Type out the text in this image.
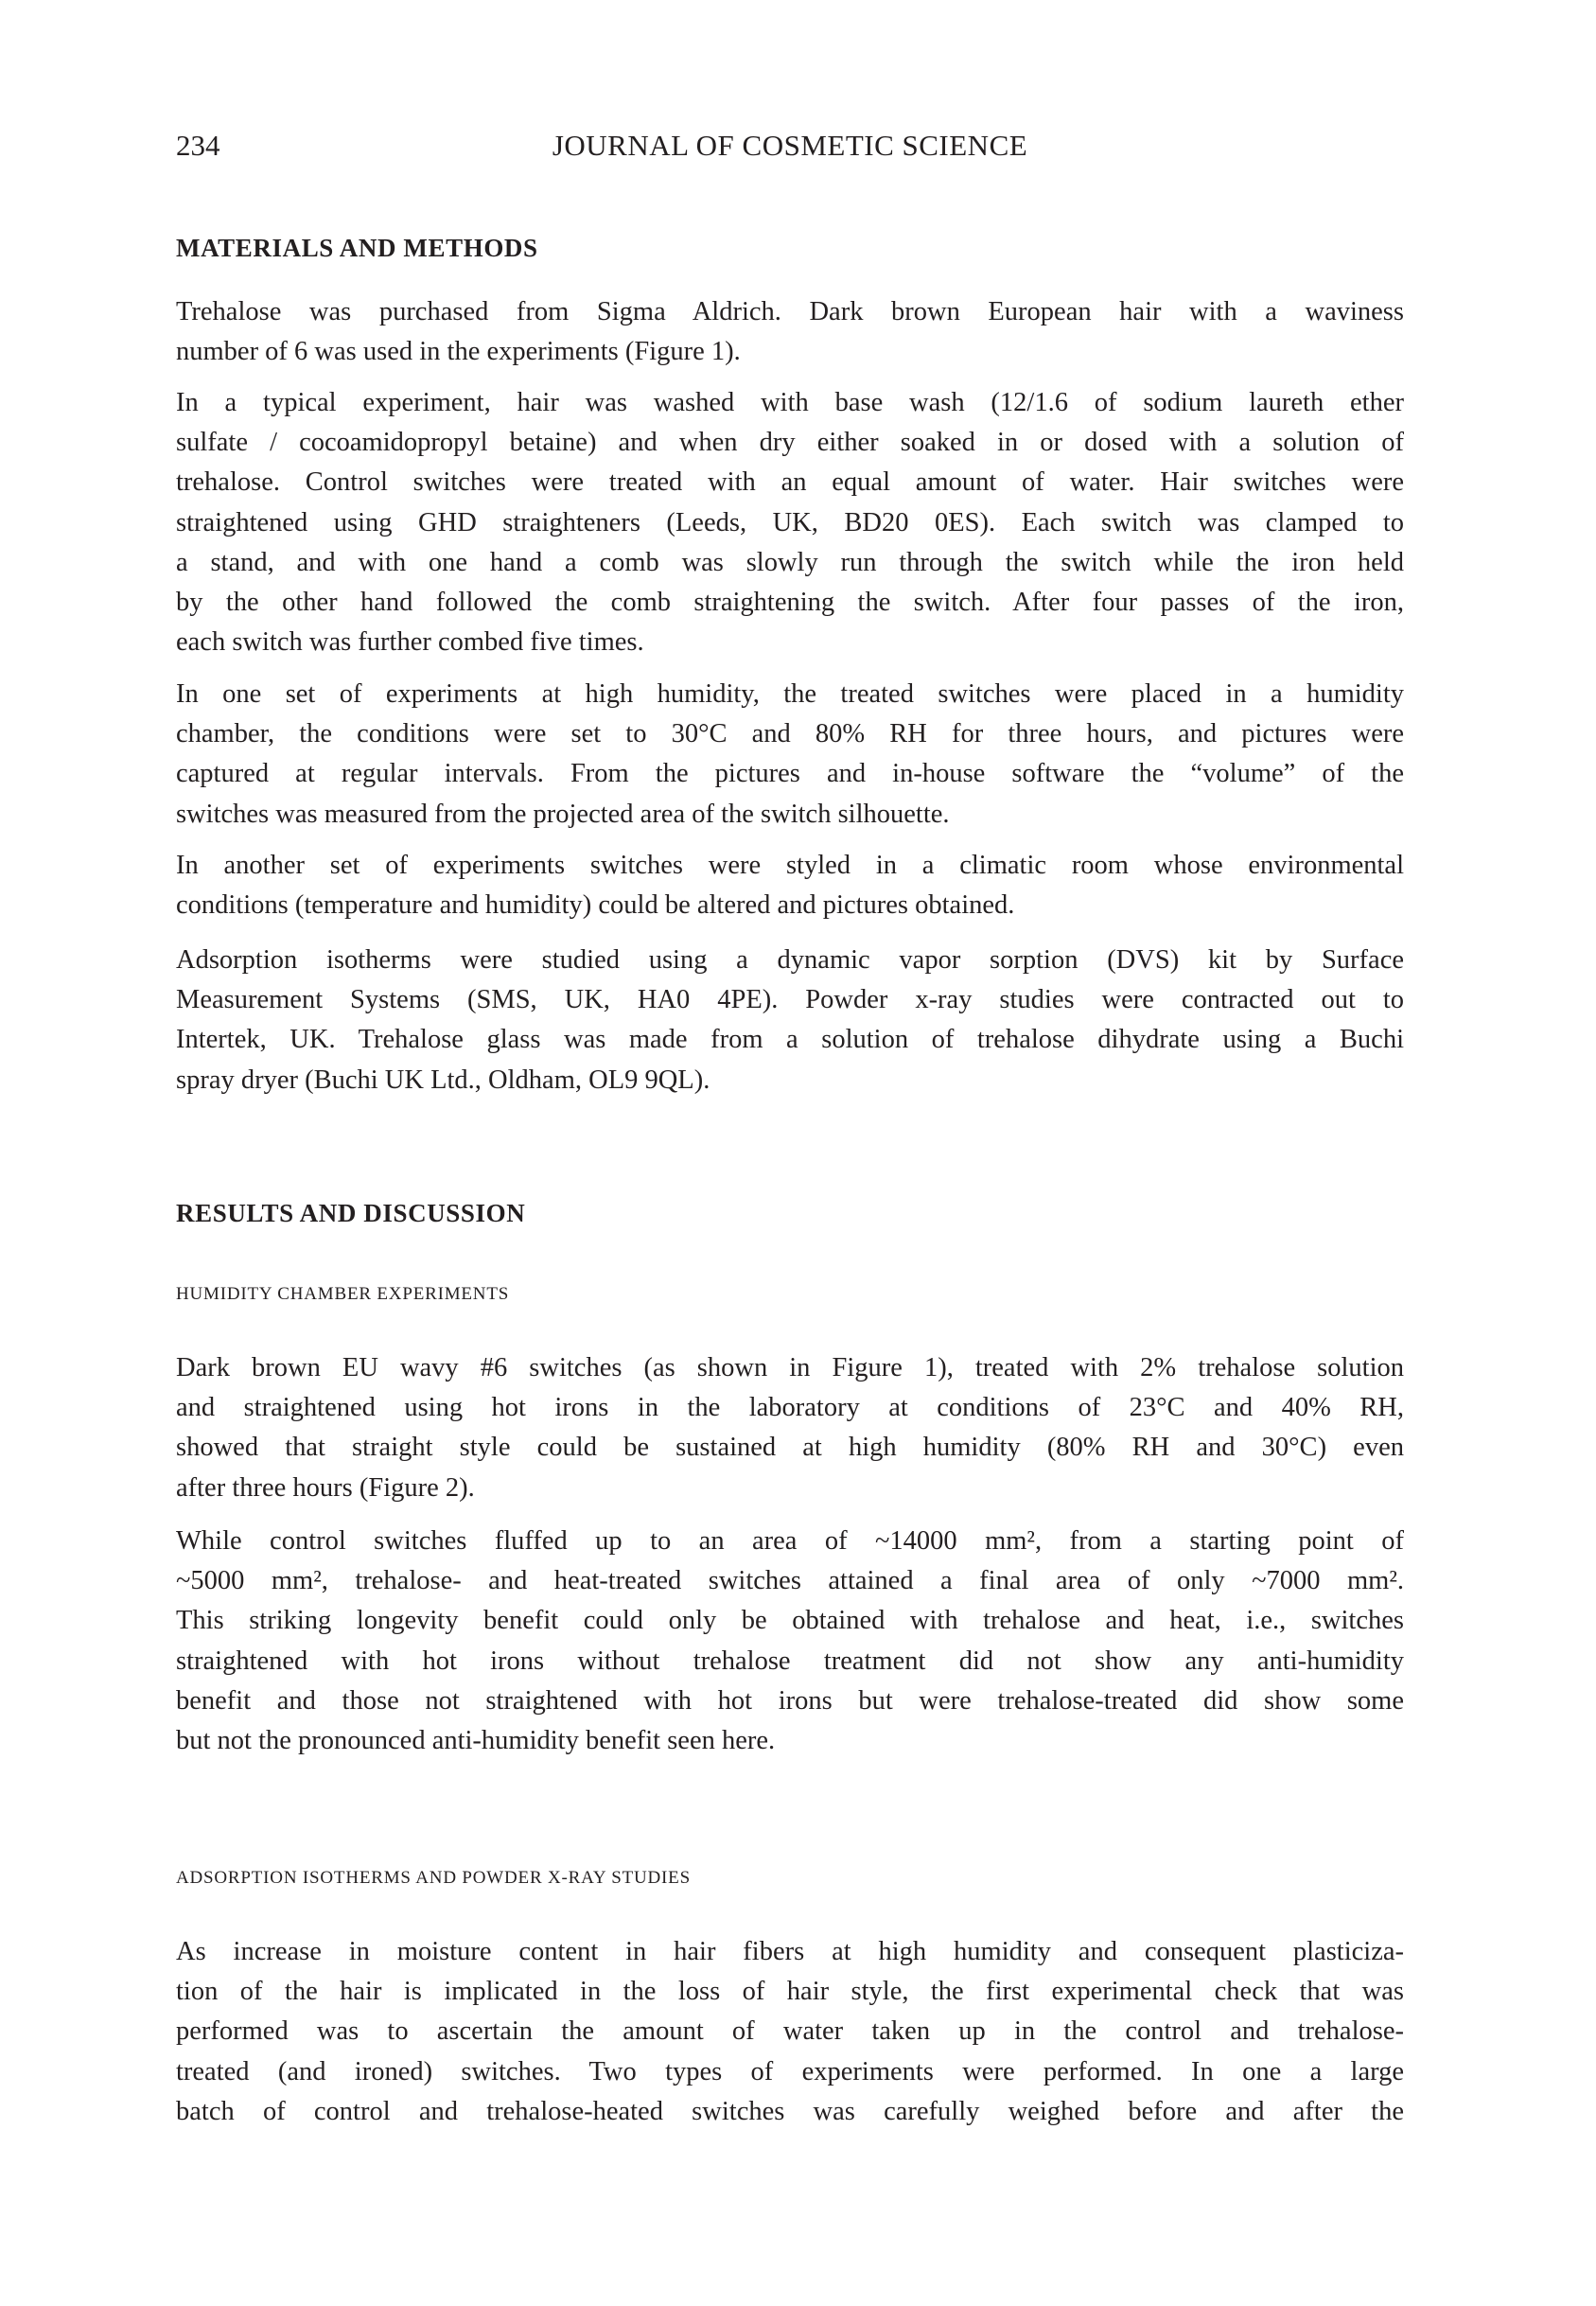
234	JOURNAL OF COSMETIC SCIENCE
MATERIALS AND METHODS
Trehalose was purchased from Sigma Aldrich. Dark brown European hair with a waviness
number of 6 was used in the experiments (Figure 1).
In a typical experiment, hair was washed with base wash (12/1.6 of sodium laureth ether
sulfate / cocoamidopropyl betaine) and when dry either soaked in or dosed with a solution of
trehalose. Control switches were treated with an equal amount of water. Hair switches were
straightened using GHD straighteners (Leeds, UK, BD20 0ES). Each switch was clamped to
a stand, and with one hand a comb was slowly run through the switch while the iron held
by the other hand followed the comb straightening the switch. After four passes of the iron,
each switch was further combed five times.
In one set of experiments at high humidity, the treated switches were placed in a humidity
chamber, the conditions were set to 30°C and 80% RH for three hours, and pictures were
captured at regular intervals. From the pictures and in-house software the “volume” of the
switches was measured from the projected area of the switch silhouette.
In another set of experiments switches were styled in a climatic room whose environmental
conditions (temperature and humidity) could be altered and pictures obtained.
Adsorption isotherms were studied using a dynamic vapor sorption (DVS) kit by Surface
Measurement Systems (SMS, UK, HA0 4PE). Powder x-ray studies were contracted out to
Intertek, UK. Trehalose glass was made from a solution of trehalose dihydrate using a Buchi
spray dryer (Buchi UK Ltd., Oldham, OL9 9QL).
RESULTS AND DISCUSSION
HUMIDITY CHAMBER EXPERIMENTS
Dark brown EU wavy #6 switches (as shown in Figure 1), treated with 2% trehalose solution
and straightened using hot irons in the laboratory at conditions of 23°C and 40% RH,
showed that straight style could be sustained at high humidity (80% RH and 30°C) even
after three hours (Figure 2).
While control switches fluffed up to an area of ~14000 mm², from a starting point of
~5000 mm², trehalose- and heat-treated switches attained a final area of only ~7000 mm².
This striking longevity benefit could only be obtained with trehalose and heat, i.e., switches
straightened with hot irons without trehalose treatment did not show any anti-humidity
benefit and those not straightened with hot irons but were trehalose-treated did show some
but not the pronounced anti-humidity benefit seen here.
ADSORPTION ISOTHERMS AND POWDER X-RAY STUDIES
As increase in moisture content in hair fibers at high humidity and consequent plasticiza-
tion of the hair is implicated in the loss of hair style, the first experimental check that was
performed was to ascertain the amount of water taken up in the control and trehalose-
treated (and ironed) switches. Two types of experiments were performed. In one a large
batch of control and trehalose-heated switches was carefully weighed before and after the
